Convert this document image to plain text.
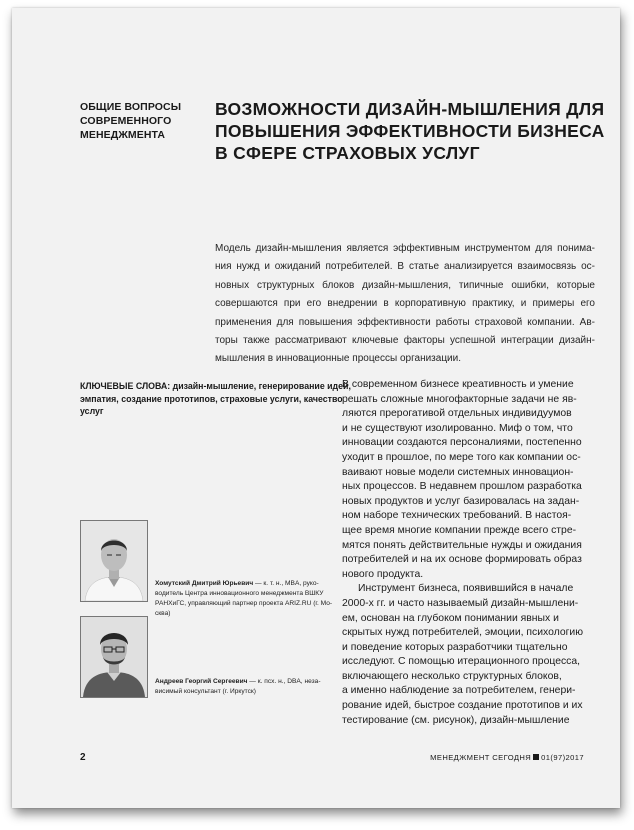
ОБЩИЕ ВОПРОСЫ
СОВРЕМЕННОГО
МЕНЕДЖМЕНТА
ВОЗМОЖНОСТИ ДИЗАЙН-МЫШЛЕНИЯ ДЛЯ
ПОВЫШЕНИЯ ЭФФЕКТИВНОСТИ БИЗНЕСА
В СФЕРЕ СТРАХОВЫХ УСЛУГ
Модель дизайн-мышления является эффективным инструментом для понима-
ния нужд и ожиданий потребителей. В статье анализируется взаимосвязь ос-
новных структурных блоков дизайн-мышления, типичные ошибки, которые
совершаются при его внедрении в корпоративную практику, и примеры его
применения для повышения эффективности работы страховой компании. Ав-
торы также рассматривают ключевые факторы успешной интеграции дизайн-
мышления в инновационные процессы организации.
КЛЮЧЕВЫЕ СЛОВА: дизайн-мышление, генерирование идей,
эмпатия, создание прототипов, страховые услуги, качество
услуг
В современном бизнесе креативность и умение
решать сложные многофакторные задачи не яв-
ляются прерогативой отдельных индивидуумов
и не существуют изолированно. Миф о том, что
инновации создаются персоналиями, постепенно
уходит в прошлое, по мере того как компании ос-
ваивают новые модели системных инновацион-
ных процессов. В недавнем прошлом разработка
новых продуктов и услуг базировалась на задан-
ном наборе технических требований. В настоя-
щее время многие компании прежде всего стре-
мятся понять действительные нужды и ожидания
потребителей и на их основе формировать образ
нового продукта.
Инструмент бизнеса, появившийся в начале
2000-х гг. и часто называемый дизайн-мышлени-
ем, основан на глубоком понимании явных и
скрытых нужд потребителей, эмоции, психологию
и поведение которых разработчики тщательно
исследуют. С помощью итерационного процесса,
включающего несколько структурных блоков,
а именно наблюдение за потребителем, генери-
рование идей, быстрое создание прототипов и их
тестирование (см. рисунок), дизайн-мышление
Хомутский Дмитрий Юрьевич — к. т. н., MBA, руко-
водитель Центра инновационного менеджмента ВШКУ
РАНХиГС, управляющий партнер проекта ARIZ.RU (г. Мо-
сква)
Андреев Георгий Сергеевич — к. псх. н., DBA, неза-
висимый консультант (г. Иркутск)
2	МЕНЕДЖМЕНТ СЕГОДНЯ 01(97)2017
